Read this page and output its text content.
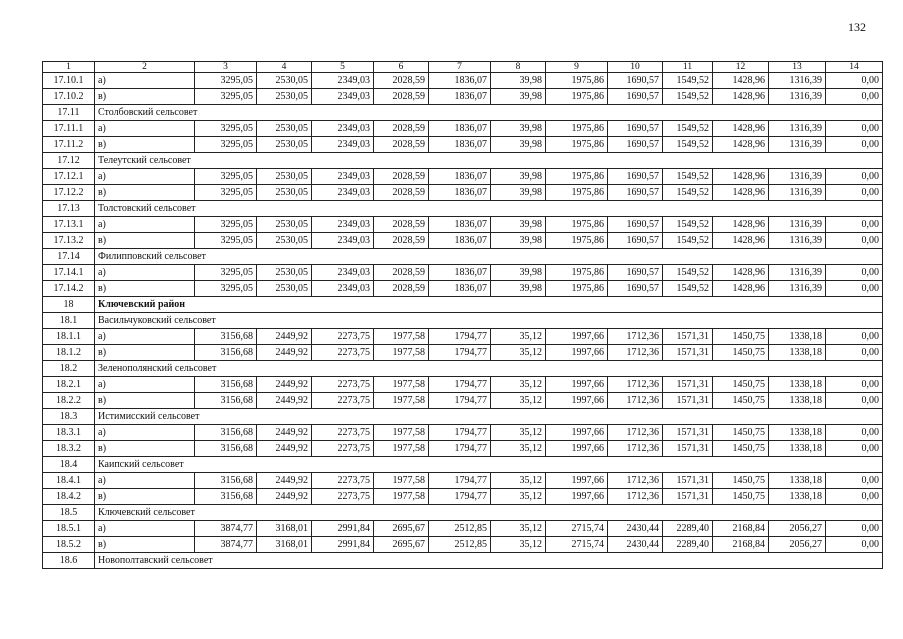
132
1	2	3	4	5	6	7	8	9	10	11	12	13	14
17.10.1	а)	3295,05	2530,05	2349,03	2028,59	1836,07	39,98	1975,86	1690,57	1549,52	1428,96	1316,39	0,00
17.10.2	в)	3295,05	2530,05	2349,03	2028,59	1836,07	39,98	1975,86	1690,57	1549,52	1428,96	1316,39	0,00
17.11	Столбовский сельсовет												
17.11.1	а)	3295,05	2530,05	2349,03	2028,59	1836,07	39,98	1975,86	1690,57	1549,52	1428,96	1316,39	0,00
17.11.2	в)	3295,05	2530,05	2349,03	2028,59	1836,07	39,98	1975,86	1690,57	1549,52	1428,96	1316,39	0,00
17.12	Телеутский сельсовет												
17.12.1	а)	3295,05	2530,05	2349,03	2028,59	1836,07	39,98	1975,86	1690,57	1549,52	1428,96	1316,39	0,00
17.12.2	в)	3295,05	2530,05	2349,03	2028,59	1836,07	39,98	1975,86	1690,57	1549,52	1428,96	1316,39	0,00
17.13	Толстовский сельсовет												
17.13.1	а)	3295,05	2530,05	2349,03	2028,59	1836,07	39,98	1975,86	1690,57	1549,52	1428,96	1316,39	0,00
17.13.2	в)	3295,05	2530,05	2349,03	2028,59	1836,07	39,98	1975,86	1690,57	1549,52	1428,96	1316,39	0,00
17.14	Филипповский сельсовет												
17.14.1	а)	3295,05	2530,05	2349,03	2028,59	1836,07	39,98	1975,86	1690,57	1549,52	1428,96	1316,39	0,00
17.14.2	в)	3295,05	2530,05	2349,03	2028,59	1836,07	39,98	1975,86	1690,57	1549,52	1428,96	1316,39	0,00
18	Ключевский район												
18.1	Васильчуковский сельсовет												
18.1.1	а)	3156,68	2449,92	2273,75	1977,58	1794,77	35,12	1997,66	1712,36	1571,31	1450,75	1338,18	0,00
18.1.2	в)	3156,68	2449,92	2273,75	1977,58	1794,77	35,12	1997,66	1712,36	1571,31	1450,75	1338,18	0,00
18.2	Зеленополянский сельсовет												
18.2.1	а)	3156,68	2449,92	2273,75	1977,58	1794,77	35,12	1997,66	1712,36	1571,31	1450,75	1338,18	0,00
18.2.2	в)	3156,68	2449,92	2273,75	1977,58	1794,77	35,12	1997,66	1712,36	1571,31	1450,75	1338,18	0,00
18.3	Истимисский сельсовет												
18.3.1	а)	3156,68	2449,92	2273,75	1977,58	1794,77	35,12	1997,66	1712,36	1571,31	1450,75	1338,18	0,00
18.3.2	в)	3156,68	2449,92	2273,75	1977,58	1794,77	35,12	1997,66	1712,36	1571,31	1450,75	1338,18	0,00
18.4	Каипский сельсовет												
18.4.1	а)	3156,68	2449,92	2273,75	1977,58	1794,77	35,12	1997,66	1712,36	1571,31	1450,75	1338,18	0,00
18.4.2	в)	3156,68	2449,92	2273,75	1977,58	1794,77	35,12	1997,66	1712,36	1571,31	1450,75	1338,18	0,00
18.5	Ключевский сельсовет												
18.5.1	а)	3874,77	3168,01	2991,84	2695,67	2512,85	35,12	2715,74	2430,44	2289,40	2168,84	2056,27	0,00
18.5.2	в)	3874,77	3168,01	2991,84	2695,67	2512,85	35,12	2715,74	2430,44	2289,40	2168,84	2056,27	0,00
18.6	Новополтавский сельсовет												
